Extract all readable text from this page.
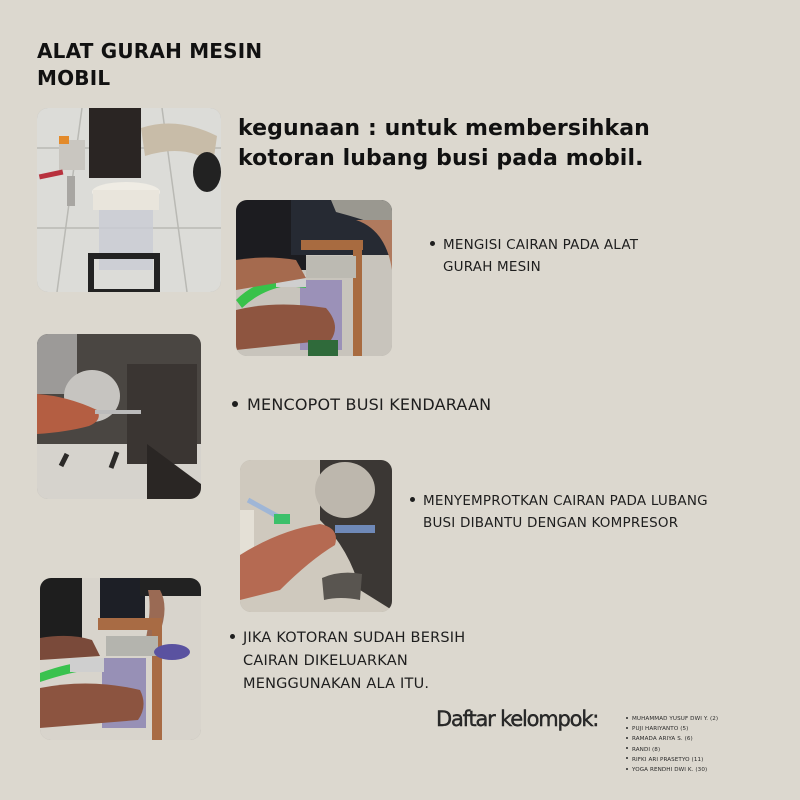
ALAT GURAH MESIN
MOBIL
kegunaan : untuk membersihkan
kotoran lubang busi pada mobil.
MENGISI CAIRAN PADA ALAT
GURAH MESIN
MENCOPOT BUSI KENDARAAN
MENYEMPROTKAN CAIRAN PADA LUBANG
BUSI DIBANTU DENGAN KOMPRESOR
JIKA KOTORAN SUDAH BERSIH
CAIRAN DIKELUARKAN
MENGGUNAKAN ALA ITU.
Daftar kelompok:	MUHAMMAD YUSUF DWI Y. (2)
PUJI HARIYANTO (5)
RAMADA ARIYA S. (6)
RANDI (8)
RIFKI ARI PRASETYO (11)
YOGA RENDHI DWI K. (30)
